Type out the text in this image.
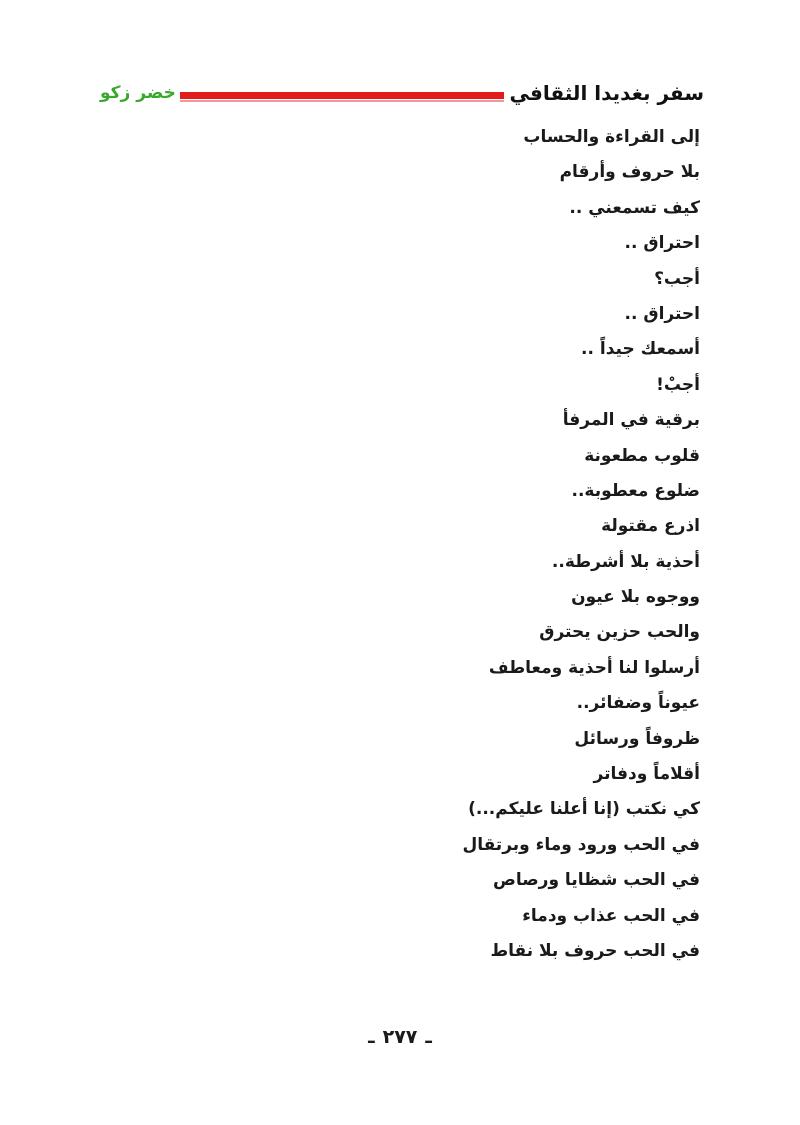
سفر بغديدا الثقافي
خضر زكو
إلى القراءة والحساب
بلا حروف وأرقام
كيف تسمعني ..
احتراق ..
أجب؟
احتراق ..
أسمعك جيداً ..
أجبْ!
برقية في المرفأ
قلوب مطعونة
ضلوع معطوبة..
اذرع مقتولة
أحذية بلا أشرطة..
ووجوه بلا عيون
والحب حزين يحترق
أرسلوا لنا أحذية ومعاطف
عيوناً وضفائر..
ظروفاً ورسائل
أقلاماً ودفاتر
كي نكتب (إنا أعلنا عليكم...)
في الحب ورود وماء وبرتقال
في الحب شظايا ورصاص
في الحب عذاب ودماء
في الحب حروف بلا نقاط
ـ٢٧٧ـ
